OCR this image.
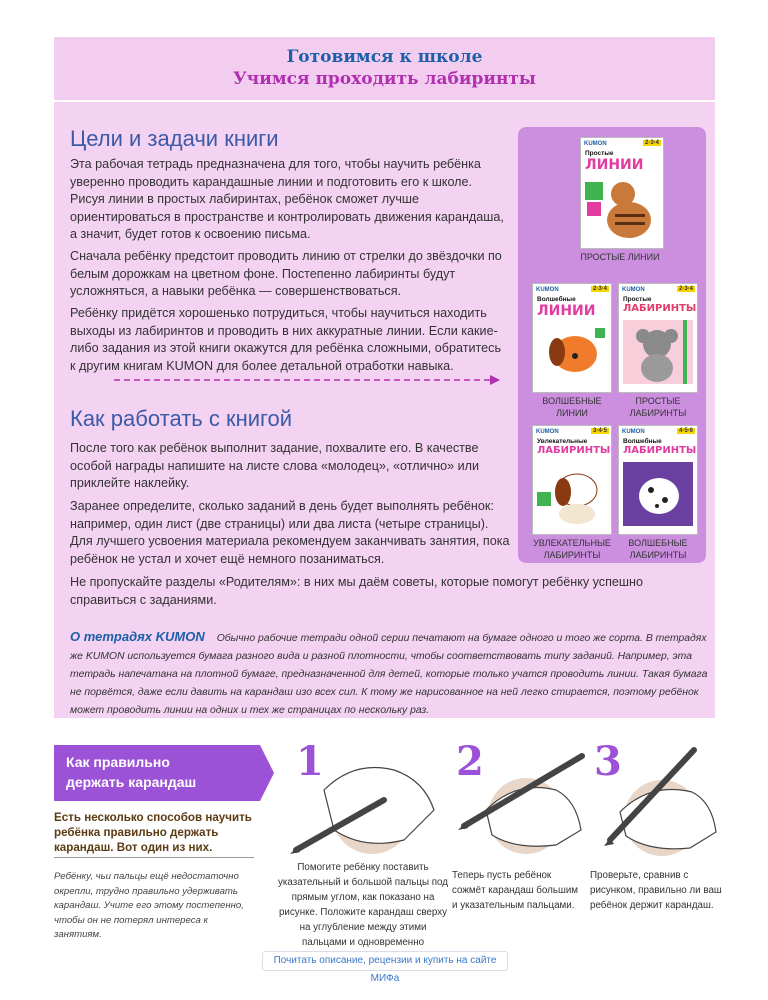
Готовимся к школе
Учимся проходить лабиринты
Цели и задачи книги
Эта рабочая тетрадь предназначена для того, чтобы научить ребёнка уверенно проводить карандашные линии и подготовить его к школе. Рисуя линии в простых лабиринтах, ребёнок сможет лучше ориентироваться в пространстве и контролировать движения карандаша, а значит, будет готов к освоению письма.
Сначала ребёнку предстоит проводить линию от стрелки до звёздочки по белым дорожкам на цветном фоне. Постепенно лабиринты будут усложняться, а навыки ребёнка — совершенствоваться.
Ребёнку придётся хорошенько потрудиться, чтобы научиться находить выходы из лабиринтов и проводить в них аккуратные линии. Если какие-либо задания из этой книги окажутся для ребёнка сложными, обратитесь к другим книгам KUMON для более детальной отработки навыка.
Как работать с книгой
После того как ребёнок выполнит задание, похвалите его. В качестве особой награды напишите на листе слова «молодец», «отлично» или приклейте наклейку.
Заранее определите, сколько заданий в день будет выполнять ребёнок: например, один лист (две страницы) или два листа (четыре страницы). Для лучшего усвоения материала рекомендуем заканчивать занятия, пока ребёнок не устал и хочет ещё немного позаниматься.
Не пропускайте разделы «Родителям»: в них мы даём советы, которые помогут ребёнку успешно справиться с заданиями.
KUMON	2·3·4
Простые
ЛИНИИ
ПРОСТЫЕ ЛИНИИ
KUMON	2·3·4
Волшебные
ЛИНИИ
ВОЛШЕБНЫЕ ЛИНИИ
KUMON	2·3·4
Простые
ЛАБИРИНТЫ
ПРОСТЫЕ ЛАБИРИНТЫ
KUMON	3·4·5
Увлекательные
ЛАБИРИНТЫ
УВЛЕКАТЕЛЬНЫЕ ЛАБИРИНТЫ
KUMON	4·5·6
Волшебные
ЛАБИРИНТЫ
ВОЛШЕБНЫЕ ЛАБИРИНТЫ
О тетрадях KUMON Обычно рабочие тетради одной серии печатают на бумаге одного и того же сорта. В тетрадях же KUMON используется бумага разного вида и разной плотности, чтобы соответствовать типу заданий. Например, эта тетрадь напечатана на плотной бумаге, предназначенной для детей, которые только учатся проводить линии. Такая бумага не порвётся, даже если давить на карандаш изо всех сил. К тому же нарисованное на ней легко стирается, поэтому ребёнок может проводить линии на одних и тех же страницах по нескольку раз.
Как правильно
держать карандаш
Есть несколько способов научить ребёнка правильно держать карандаш. Вот один из них.
Ребёнку, чьи пальцы ещё недостаточно окрепли, трудно правильно удерживать карандаш. Учите его этому постепенно, чтобы он не потерял интереса к занятиям.
1
Помогите ребёнку поставить указательный и большой пальцы под прямым углом, как показано на рисунке. Положите карандаш сверху на углубление между этими пальцами и одновременно
2
Теперь пусть ребёнок сожмёт карандаш большим и указательным пальцами.
3
Проверьте, сравнив с рисунком, правильно ли ваш ребёнок держит карандаш.
Почитать описание, рецензии и купить на сайте МИФа
